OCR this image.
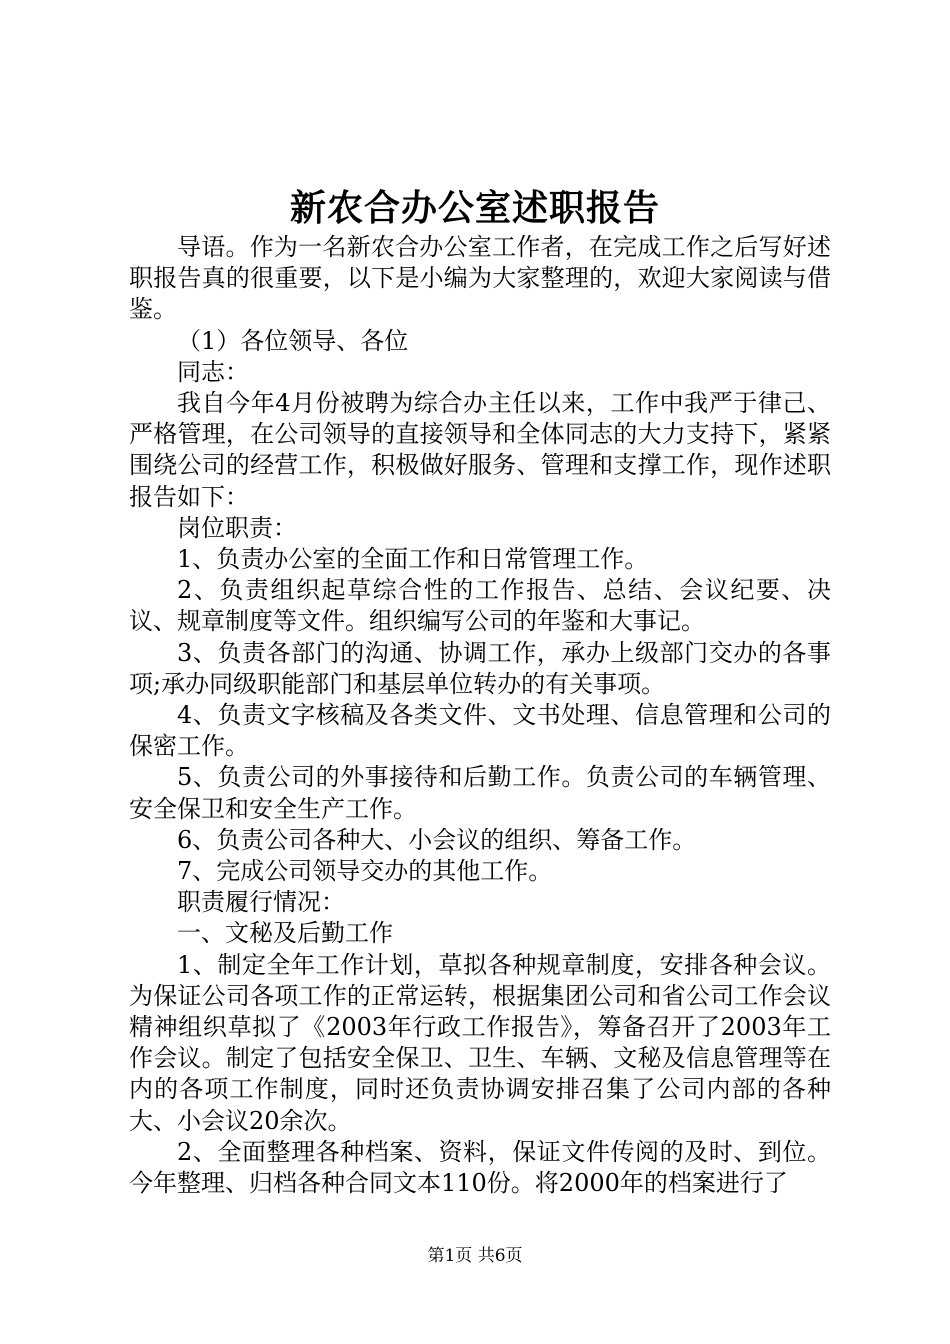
新农合办公室述职报告

导语。作为一名新农合办公室工作者，在完成工作之后写好述职报告真的很重要，以下是小编为大家整理的，欢迎大家阅读与借鉴。

（1）各位领导、各位

同志：

我自今年4月份被聘为综合办主任以来，工作中我严于律己、严格管理，在公司领导的直接领导和全体同志的大力支持下，紧紧围绕公司的经营工作，积极做好服务、管理和支撑工作，现作述职报告如下：

岗位职责：

1、负责办公室的全面工作和日常管理工作。

2、负责组织起草综合性的工作报告、总结、会议纪要、决议、规章制度等文件。组织编写公司的年鉴和大事记。

3、负责各部门的沟通、协调工作，承办上级部门交办的各事项;承办同级职能部门和基层单位转办的有关事项。

4、负责文字核稿及各类文件、文书处理、信息管理和公司的保密工作。

5、负责公司的外事接待和后勤工作。负责公司的车辆管理、安全保卫和安全生产工作。

6、负责公司各种大、小会议的组织、筹备工作。

7、完成公司领导交办的其他工作。

职责履行情况：

一、文秘及后勤工作

1、制定全年工作计划，草拟各种规章制度，安排各种会议。为保证公司各项工作的正常运转，根据集团公司和省公司工作会议精神组织草拟了《2003年行政工作报告》，筹备召开了2003年工作会议。制定了包括安全保卫、卫生、车辆、文秘及信息管理等在内的各项工作制度，同时还负责协调安排召集了公司内部的各种大、小会议20余次。

2、全面整理各种档案、资料，保证文件传阅的及时、到位。今年整理、归档各种合同文本110份。将2000年的档案进行了

第1页 共6页
